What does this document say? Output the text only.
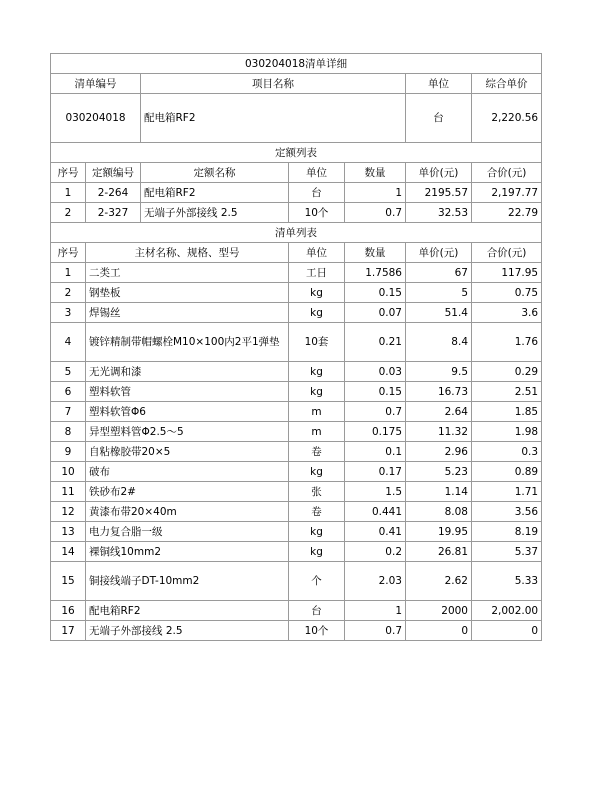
030204018清单详细						
清单编号		项目名称			单位	综合单价
030204018		配电箱RF2			台	2,220.56
定额列表						
序号	定额编号	定额名称	单位	数量	单价(元)	合价(元)
1	2-264	配电箱RF2	台	1	2195.57	2,197.77
2	2-327	无端子外部接线 2.5	10个	0.7	32.53	22.79
清单列表						
序号	主材名称、规格、型号		单位	数量	单价(元)	合价(元)
1	二类工		工日	1.7586	67	117.95
2	钢垫板		kg	0.15	5	0.75
3	焊锡丝		kg	0.07	51.4	3.6
4	镀锌精制带帽螺栓M10×100内2平1弹垫		10套	0.21	8.4	1.76
5	无光调和漆		kg	0.03	9.5	0.29
6	塑料软管		kg	0.15	16.73	2.51
7	塑料软管Φ6		m	0.7	2.64	1.85
8	异型塑料管Φ2.5～5		m	0.175	11.32	1.98
9	自粘橡胶带20×5		卷	0.1	2.96	0.3
10	破布		kg	0.17	5.23	0.89
11	铁砂布2#		张	1.5	1.14	1.71
12	黄漆布带20×40m		卷	0.441	8.08	3.56
13	电力复合脂一级		kg	0.41	19.95	8.19
14	裸铜线10mm2		kg	0.2	26.81	5.37
15	铜接线端子DT-10mm2		个	2.03	2.62	5.33
16	配电箱RF2		台	1	2000	2,002.00
17	无端子外部接线 2.5		10个	0.7	0	0
